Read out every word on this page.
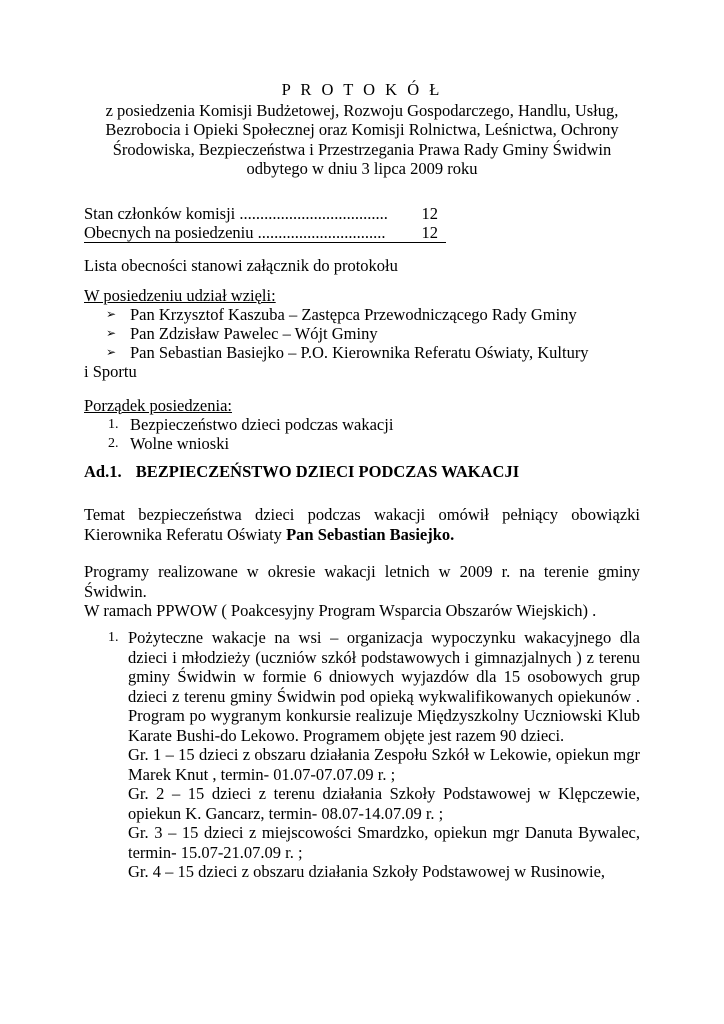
P R O T O K Ó Ł
z posiedzenia Komisji Budżetowej, Rozwoju Gospodarczego, Handlu, Usług,
Bezrobocia i Opieki Społecznej oraz Komisji Rolnictwa, Leśnictwa, Ochrony
Środowiska, Bezpieczeństwa i Przestrzegania Prawa Rady Gminy Świdwin
odbytego w dniu 3 lipca 2009 roku
Stan członków komisji .................................... 12
Obecnych na posiedzeniu ............................... 12
Lista obecności stanowi załącznik do protokołu
W posiedzeniu udział wzięli:
➢ Pan Krzysztof Kaszuba – Zastępca Przewodniczącego Rady Gminy
➢ Pan Zdzisław Pawelec – Wójt Gminy
➢ Pan Sebastian Basiejko – P.O. Kierownika Referatu Oświaty, Kultury
i Sportu
Porządek posiedzenia:
1. Bezpieczeństwo dzieci podczas wakacji
2. Wolne wnioski
Ad.1. BEZPIECZEŃSTWO DZIECI PODCZAS WAKACJI
Temat bezpieczeństwa dzieci podczas wakacji omówił pełniący obowiązki Kierownika Referatu Oświaty Pan Sebastian Basiejko.
Programy realizowane w okresie wakacji letnich w 2009 r. na terenie gminy Świdwin.
W ramach PPWOW ( Poakcesyjny Program Wsparcia Obszarów Wiejskich) .
1. Pożyteczne wakacje na wsi – organizacja wypoczynku wakacyjnego dla dzieci i młodzieży (uczniów szkół podstawowych i gimnazjalnych ) z terenu gminy Świdwin w formie 6 dniowych wyjazdów dla 15 osobowych grup dzieci z terenu gminy Świdwin pod opieką wykwalifikowanych opiekunów . Program po wygranym konkursie realizuje Międzyszkolny Uczniowski Klub Karate Bushi-do Lekowo. Programem objęte jest razem 90 dzieci.
Gr. 1 – 15 dzieci z obszaru działania Zespołu Szkół w Lekowie, opiekun mgr Marek Knut , termin- 01.07-07.07.09 r. ;
Gr. 2 – 15 dzieci z terenu działania Szkoły Podstawowej w Klępczewie, opiekun K. Gancarz, termin- 08.07-14.07.09 r. ;
Gr. 3 – 15 dzieci z miejscowości Smardzko, opiekun mgr Danuta Bywalec, termin- 15.07-21.07.09 r. ;
Gr. 4 – 15 dzieci z obszaru działania Szkoły Podstawowej w Rusinowie,
